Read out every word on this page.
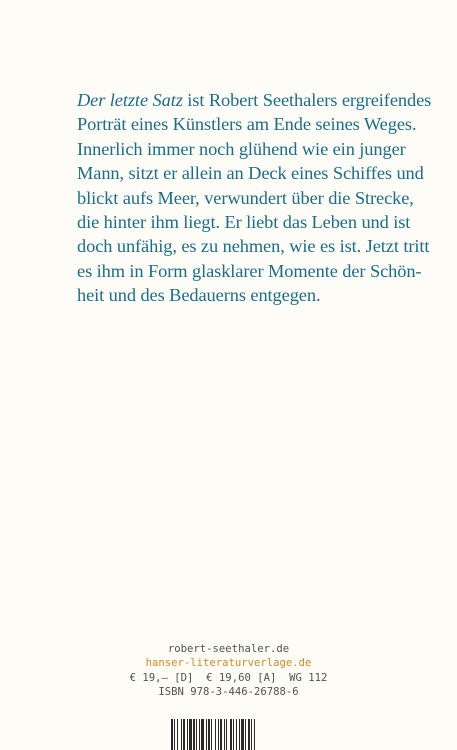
Der letzte Satz ist Robert Seethalers ergreifendes
Porträt eines Künstlers am Ende seines Weges.
Innerlich immer noch glühend wie ein junger
Mann, sitzt er allein an Deck eines Schiffes und
blickt aufs Meer, verwundert über die Strecke,
die hinter ihm liegt. Er liebt das Leben und ist
doch unfähig, es zu nehmen, wie es ist. Jetzt tritt
es ihm in Form glasklarer Momente der Schön-
heit und des Bedauerns entgegen.
robert-seethaler.de
hanser-literaturverlage.de
€ 19,– [D]  € 19,60 [A]  WG 112
ISBN 978-3-446-26788-6
